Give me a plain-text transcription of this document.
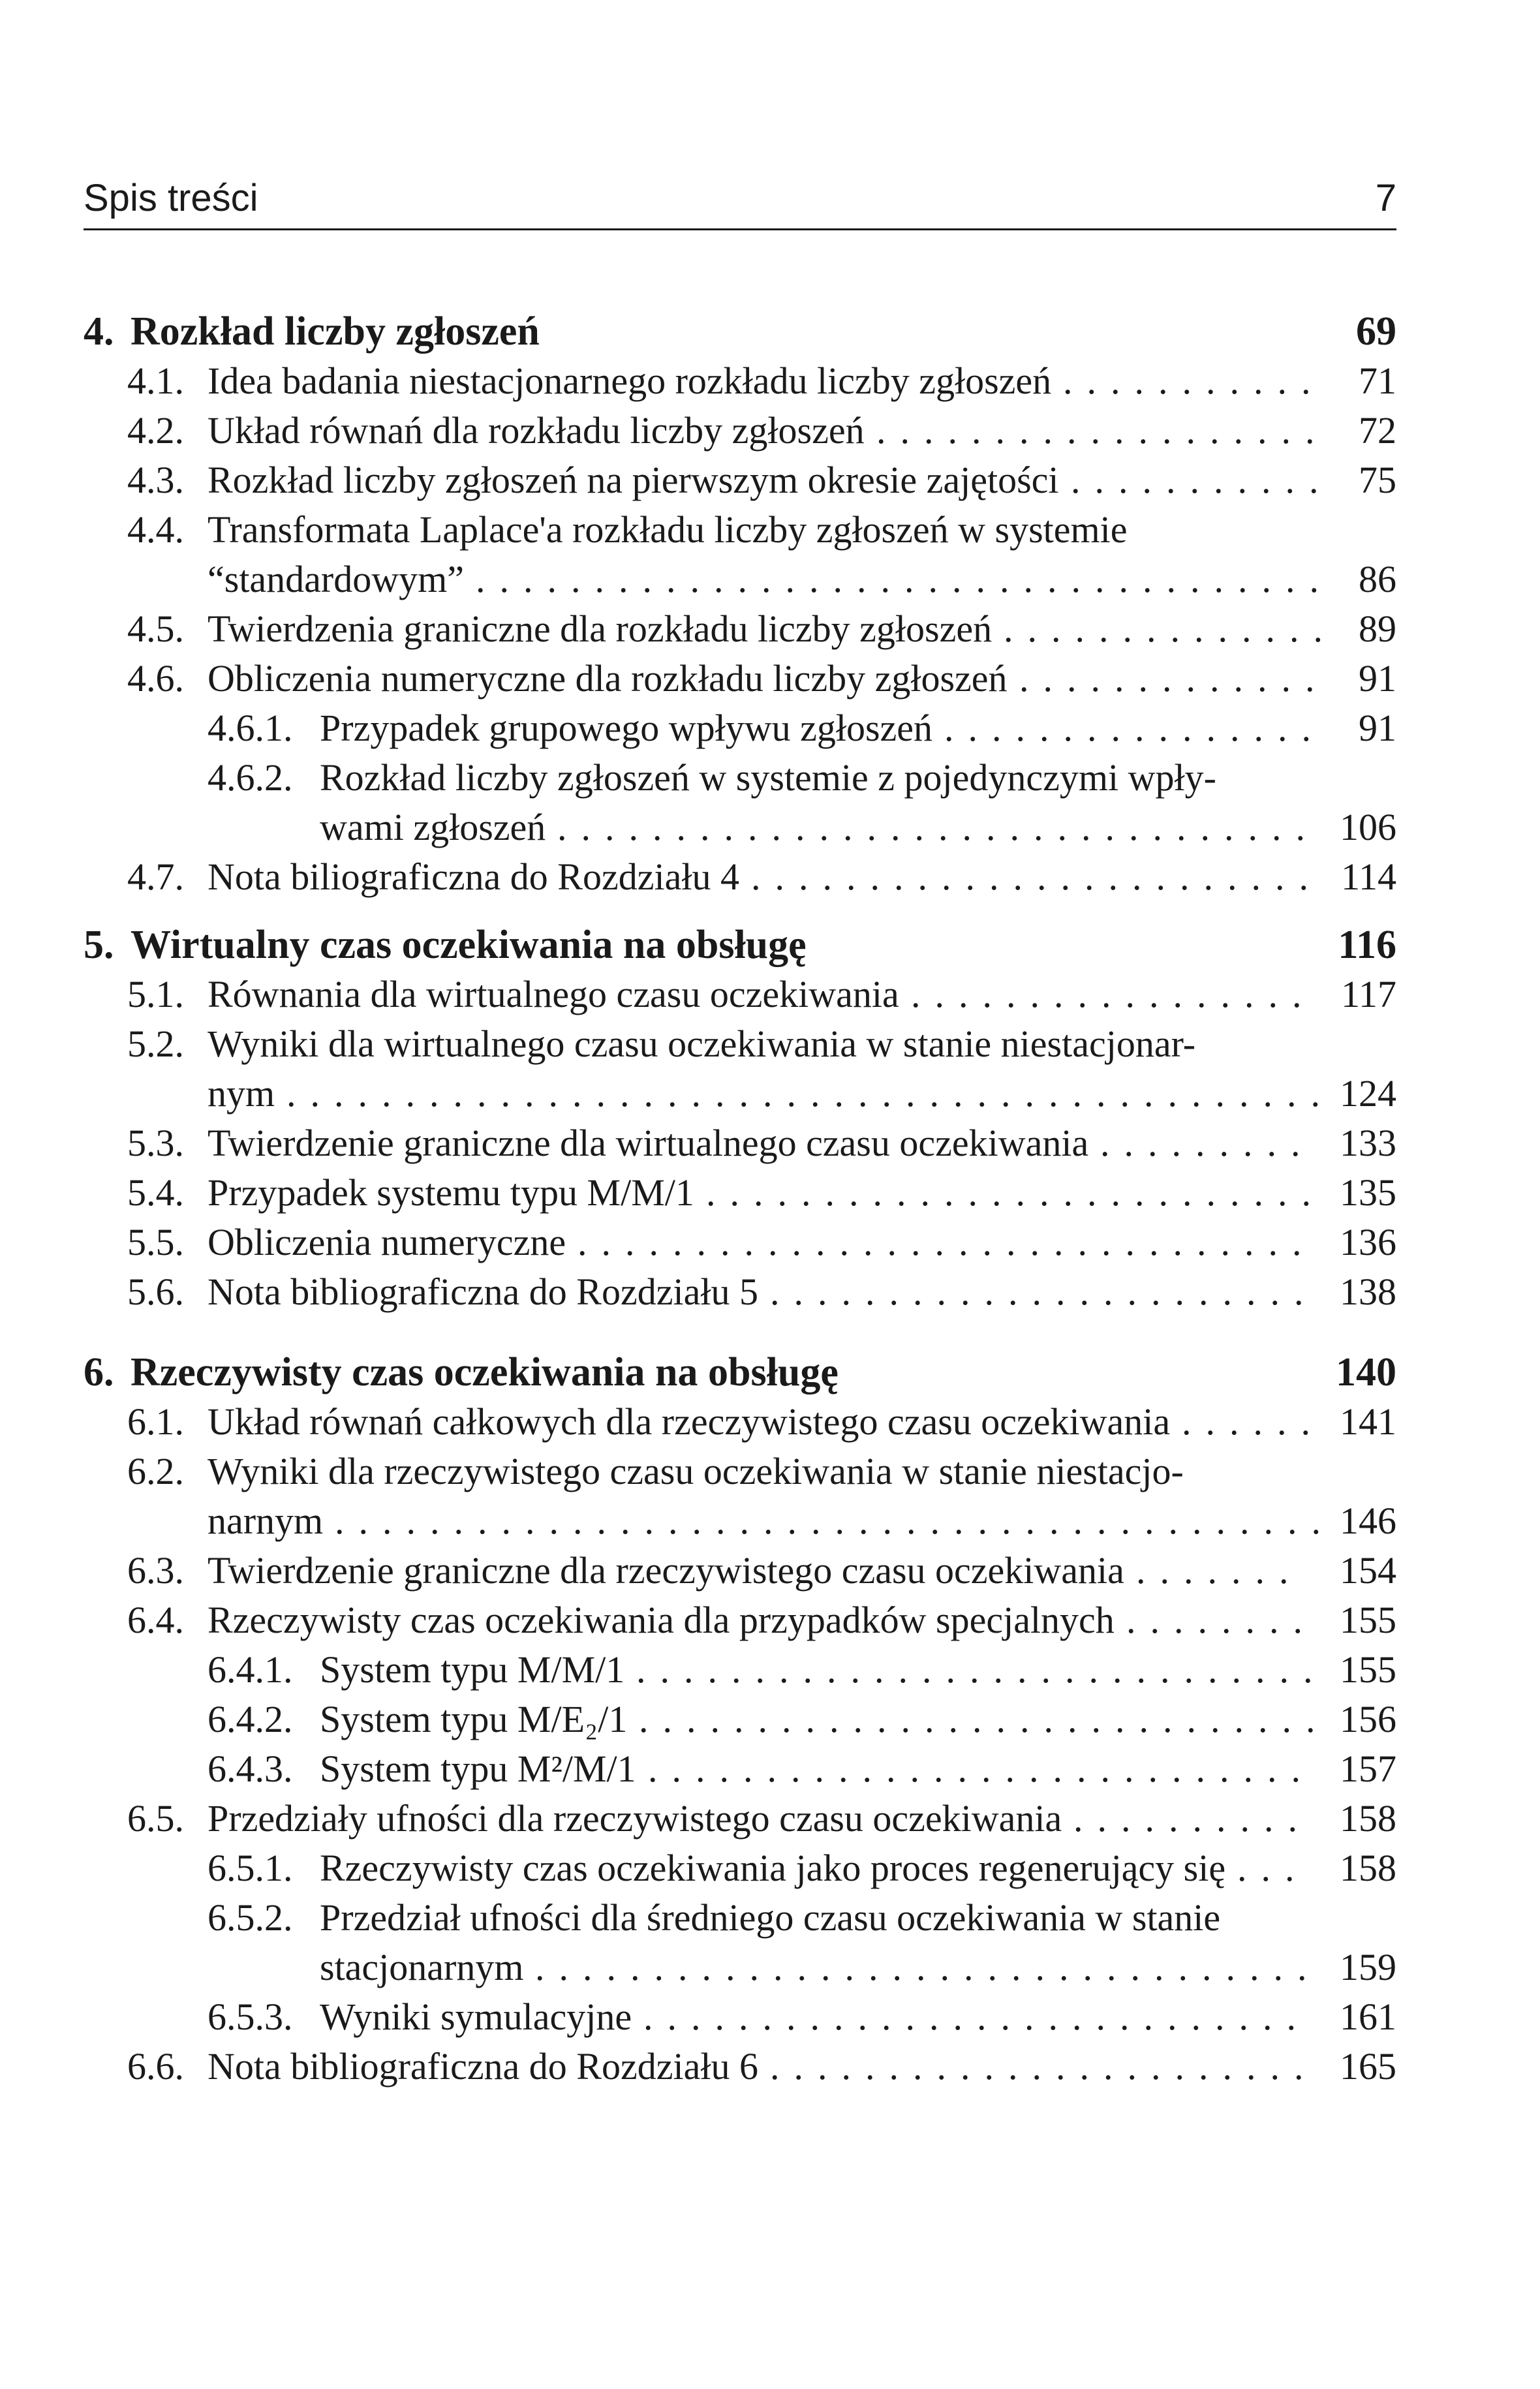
Spis treści	7
4. Rozkład liczby zgłoszeń	69
4.1. Idea badania niestacjonarnego rozkładu liczby zgłoszeń	71
...........
4.2. Układ równań dla rozkładu liczby zgłoszeń	72
...................
4.3. Rozkład liczby zgłoszeń na pierwszym okresie zajętości	75
...........
4.4. Transformata Laplace'a rozkładu liczby zgłoszeń w systemie
“standardowym”	86
....................................
4.5. Twierdzenia graniczne dla rozkładu liczby zgłoszeń	89
..............
4.6. Obliczenia numeryczne dla rozkładu liczby zgłoszeń	91
.............
4.6.1. Przypadek grupowego wpływu zgłoszeń	91
................
4.6.2. Rozkład liczby zgłoszeń w systemie z pojedynczymi wpły-
wami zgłoszeń	106
................................
4.7. Nota biliograficzna do Rozdziału 4	114
........................
5. Wirtualny czas oczekiwania na obsługę	116
5.1. Równania dla wirtualnego czasu oczekiwania	117
.................
5.2. Wyniki dla wirtualnego czasu oczekiwania w stanie niestacjonar-
nym	124
............................................
5.3. Twierdzenie graniczne dla wirtualnego czasu oczekiwania	133
.........
5.4. Przypadek systemu typu M/M/1	135
..........................
5.5. Obliczenia numeryczne	136
...............................
5.6. Nota bibliograficzna do Rozdziału 5	138
.......................
6. Rzeczywisty czas oczekiwania na obsługę	140
6.1. Układ równań całkowych dla rzeczywistego czasu oczekiwania	141
......
6.2. Wyniki dla rzeczywistego czasu oczekiwania w stanie niestacjo-
narnym	146
..........................................
6.3. Twierdzenie graniczne dla rzeczywistego czasu oczekiwania	154
.......
6.4. Rzeczywisty czas oczekiwania dla przypadków specjalnych	155
........
6.4.1. System typu M/M/1	155
.............................
6.4.2. System typu M/E₂/1	156
.............................
6.4.3. System typu M²/M/1	157
............................
6.5. Przedziały ufności dla rzeczywistego czasu oczekiwania	158
..........
6.5.1. Rzeczywisty czas oczekiwania jako proces regenerujący się	158
...
6.5.2. Przedział ufności dla średniego czasu oczekiwania w stanie
stacjonarnym	159
.................................
6.5.3. Wyniki symulacyjne	161
............................
6.6. Nota bibliograficzna do Rozdziału 6	165
.......................
